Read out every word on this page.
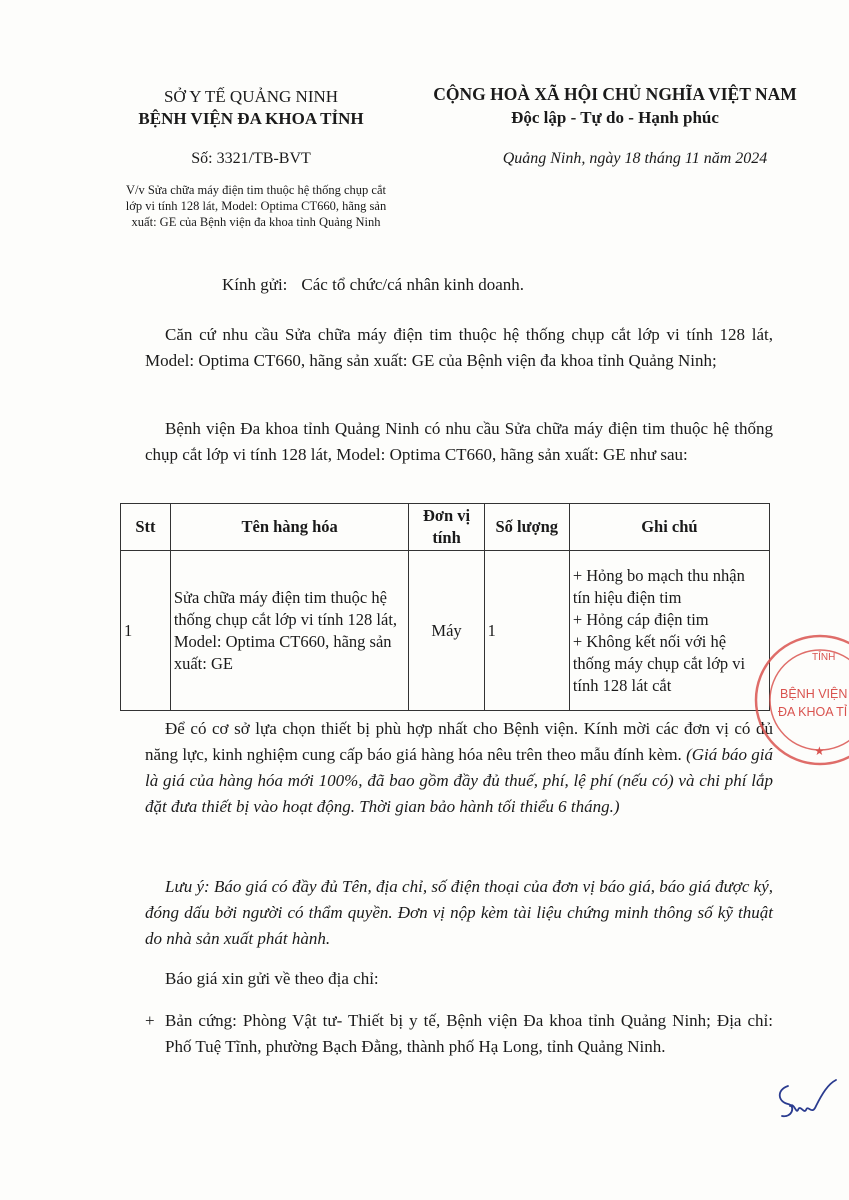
SỞ Y TẾ QUẢNG NINH
BỆNH VIỆN ĐA KHOA TỈNH
CỘNG HOÀ XÃ HỘI CHỦ NGHĨA VIỆT NAM
Độc lập - Tự do - Hạnh phúc
Số: 3321/TB-BVT	Quảng Ninh, ngày 18 tháng 11 năm 2024
V/v Sửa chữa máy điện tim thuộc hệ thống chụp cắt lớp vi tính 128 lát, Model: Optima CT660, hãng sản xuất: GE của Bệnh viện đa khoa tỉnh Quảng Ninh
Kính gửi: Các tổ chức/cá nhân kinh doanh.
Căn cứ nhu cầu Sửa chữa máy điện tim thuộc hệ thống chụp cắt lớp vi tính 128 lát, Model: Optima CT660, hãng sản xuất: GE của Bệnh viện đa khoa tỉnh Quảng Ninh;
Bệnh viện Đa khoa tỉnh Quảng Ninh có nhu cầu Sửa chữa máy điện tim thuộc hệ thống chụp cắt lớp vi tính 128 lát, Model: Optima CT660, hãng sản xuất: GE như sau:
Stt	Tên hàng hóa	Đơn vị tính	Số lượng	Ghi chú
1	Sửa chữa máy điện tim thuộc hệ thống chụp cắt lớp vi tính 128 lát, Model: Optima CT660, hãng sản xuất: GE	Máy	1	+ Hỏng bo mạch thu nhận tín hiệu điện tim
+ Hỏng cáp điện tim
+ Không kết nối với hệ thống máy chụp cắt lớp vi tính 128 lát cắt
Để có cơ sở lựa chọn thiết bị phù hợp nhất cho Bệnh viện. Kính mời các đơn vị có đủ năng lực, kinh nghiệm cung cấp báo giá hàng hóa nêu trên theo mẫu đính kèm. (Giá báo giá là giá của hàng hóa mới 100%, đã bao gồm đầy đủ thuế, phí, lệ phí (nếu có) và chi phí lắp đặt đưa thiết bị vào hoạt động. Thời gian bảo hành tối thiểu 6 tháng.)
Lưu ý: Báo giá có đầy đủ Tên, địa chỉ, số điện thoại của đơn vị báo giá, báo giá được ký, đóng dấu bởi người có thẩm quyền. Đơn vị nộp kèm tài liệu chứng minh thông số kỹ thuật do nhà sản xuất phát hành.
Báo giá xin gửi về theo địa chỉ:
+ Bản cứng: Phòng Vật tư- Thiết bị y tế, Bệnh viện Đa khoa tỉnh Quảng Ninh; Địa chỉ: Phố Tuệ Tĩnh, phường Bạch Đằng, thành phố Hạ Long, tỉnh Quảng Ninh.
TỈNH
BỆNH VIỆN
ĐA KHOA TỈ
★
